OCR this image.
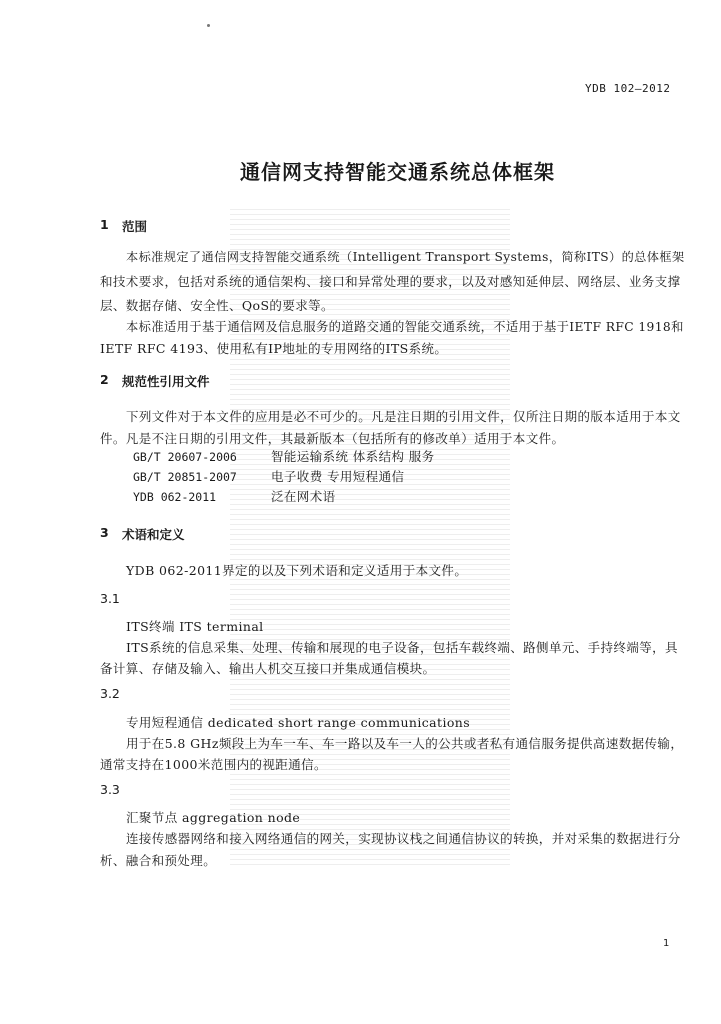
YDB 102—2012
通信网支持智能交通系统总体框架
1 范围
本标准规定了通信网支持智能交通系统（Intelligent Transport Systems，简称ITS）的总体框架
和技术要求，包括对系统的通信架构、接口和异常处理的要求，以及对感知延伸层、网络层、业务支撑
层、数据存储、安全性、QoS的要求等。
本标准适用于基于通信网及信息服务的道路交通的智能交通系统，不适用于基于IETF RFC 1918和
IETF RFC 4193、使用私有IP地址的专用网络的ITS系统。
2 规范性引用文件
下列文件对于本文件的应用是必不可少的。凡是注日期的引用文件，仅所注日期的版本适用于本文
件。凡是不注日期的引用文件，其最新版本（包括所有的修改单）适用于本文件。
GB/T 20607-2006	智能运输系统 体系结构 服务
GB/T 20851-2007	电子收费 专用短程通信
YDB 062-2011	泛在网术语
3 术语和定义
YDB 062-2011界定的以及下列术语和定义适用于本文件。
3.1
ITS终端 ITS terminal
ITS系统的信息采集、处理、传输和展现的电子设备，包括车载终端、路侧单元、手持终端等，具
备计算、存储及输入、输出人机交互接口并集成通信模块。
3.2
专用短程通信 dedicated short range communications
用于在5.8 GHz频段上为车一车、车一路以及车一人的公共或者私有通信服务提供高速数据传输，
通常支持在1000米范围内的视距通信。
3.3
汇聚节点 aggregation node
连接传感器网络和接入网络通信的网关，实现协议栈之间通信协议的转换，并对采集的数据进行分
析、融合和预处理。
1
